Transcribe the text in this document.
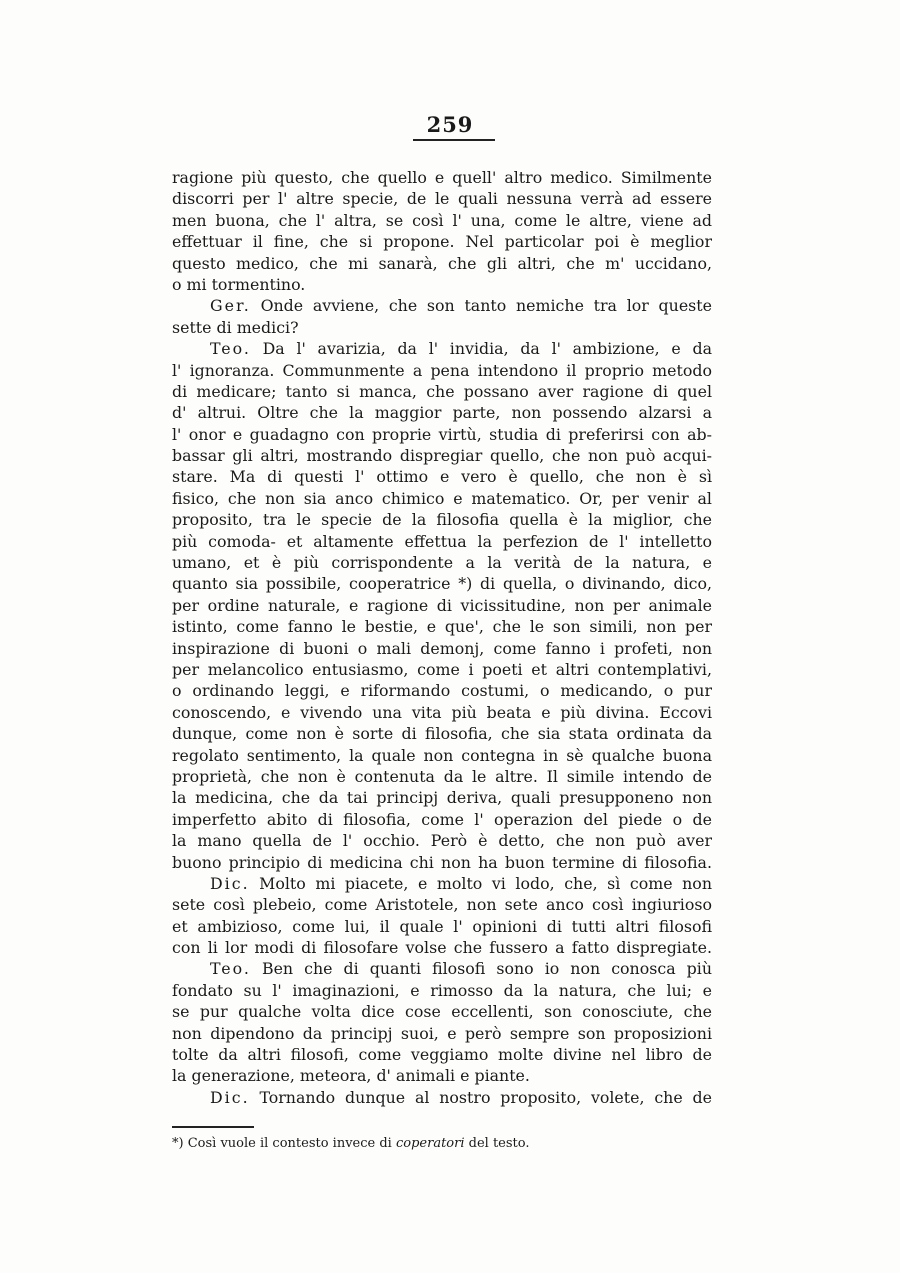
259
ragione più questo, che quello e quell' altro medico. Similmente
discorri per l' altre specie, de le quali nessuna verrà ad essere
men buona, che l' altra, se così l' una, come le altre, viene ad
effettuar il fine, che si propone. Nel particolar poi è meglior
questo medico, che mi sanarà, che gli altri, che m' uccidano,
o mi tormentino.
Ger. Onde avviene, che son tanto nemiche tra lor queste
sette di medici?
Teo. Da l' avarizia, da l' invidia, da l' ambizione, e da
l' ignoranza. Communmente a pena intendono il proprio metodo
di medicare; tanto si manca, che possano aver ragione di quel
d' altrui. Oltre che la maggior parte, non possendo alzarsi a
l' onor e guadagno con proprie virtù, studia di preferirsi con ab-
bassar gli altri, mostrando dispregiar quello, che non può acqui-
stare. Ma di questi l' ottimo e vero è quello, che non è sì
fisico, che non sia anco chimico e matematico. Or, per venir al
proposito, tra le specie de la filosofia quella è la miglior, che
più comoda- et altamente effettua la perfezion de l' intelletto
umano, et è più corrispondente a la verità de la natura, e
quanto sia possibile, cooperatrice *) di quella, o divinando, dico,
per ordine naturale, e ragione di vicissitudine, non per animale
istinto, come fanno le bestie, e que', che le son simili, non per
inspirazione di buoni o mali demonj, come fanno i profeti, non
per melancolico entusiasmo, come i poeti et altri contemplativi,
o ordinando leggi, e riformando costumi, o medicando, o pur
conoscendo, e vivendo una vita più beata e più divina. Eccovi
dunque, come non è sorte di filosofia, che sia stata ordinata da
regolato sentimento, la quale non contegna in sè qualche buona
proprietà, che non è contenuta da le altre. Il simile intendo de
la medicina, che da tai principj deriva, quali presupponeno non
imperfetto abito di filosofia, come l' operazion del piede o de
la mano quella de l' occhio. Però è detto, che non può aver
buono principio di medicina chi non ha buon termine di filosofia.
Dic. Molto mi piacete, e molto vi lodo, che, sì come non
sete così plebeio, come Aristotele, non sete anco così ingiurioso
et ambizioso, come lui, il quale l' opinioni di tutti altri filosofi
con li lor modi di filosofare volse che fussero a fatto dispregiate.
Teo. Ben che di quanti filosofi sono io non conosca più
fondato su l' imaginazioni, e rimosso da la natura, che lui; e
se pur qualche volta dice cose eccellenti, son conosciute, che
non dipendono da principj suoi, e però sempre son proposizioni
tolte da altri filosofi, come veggiamo molte divine nel libro de
la generazione, meteora, d' animali e piante.
Dic. Tornando dunque al nostro proposito, volete, che de
*) Così vuole il contesto invece di coperatori del testo.
